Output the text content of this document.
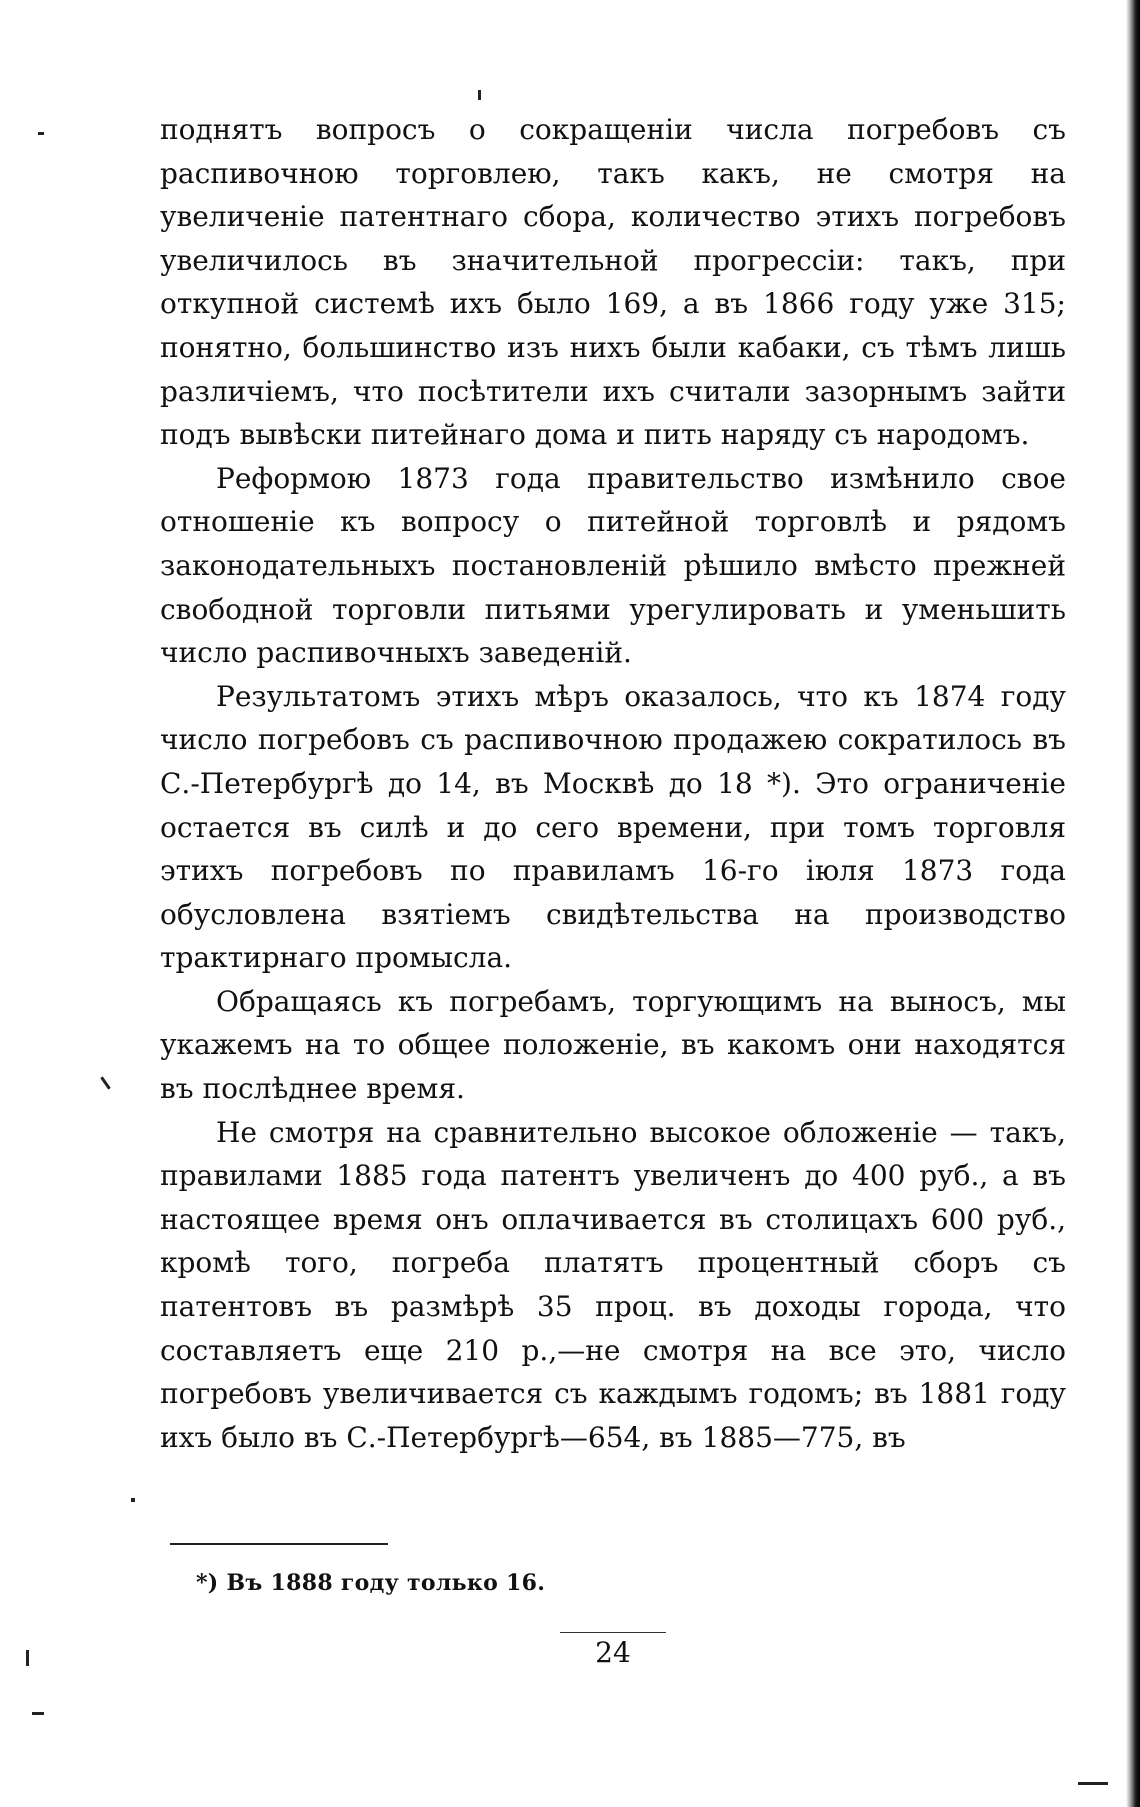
поднятъ вопросъ о сокращеніи числа погребовъ съ распивочною торговлею, такъ какъ, не смотря на увеличеніе патентнаго сбора, количество этихъ погребовъ увеличилось въ значительной прогрессіи: такъ, при откупной системѣ ихъ было 169, а въ 1866 году уже 315; понятно, большинство изъ нихъ были кабаки, съ тѣмъ лишь различіемъ, что посѣтители ихъ считали зазорнымъ зайти подъ вывѣски питейнаго дома и пить наряду съ народомъ.

Реформою 1873 года правительство измѣнило свое отношеніе къ вопросу о питейной торговлѣ и рядомъ законодательныхъ постановленій рѣшило вмѣсто прежней свободной торговли питьями урегулировать и уменьшить число распивочныхъ заведеній.

Результатомъ этихъ мѣръ оказалось, что къ 1874 году число погребовъ съ распивочною продажею сократилось въ С.-Петербургѣ до 14, въ Москвѣ до 18 *). Это ограниченіе остается въ силѣ и до сего времени, при томъ торговля этихъ погребовъ по правиламъ 16-го іюля 1873 года обусловлена взятіемъ свидѣтельства на производство трактирнаго промысла.

Обращаясь къ погребамъ, торгующимъ на выносъ, мы укажемъ на то общее положеніе, въ какомъ они находятся въ послѣднее время.

Не смотря на сравнительно высокое обложеніе — такъ, правилами 1885 года патентъ увеличенъ до 400 руб., а въ настоящее время онъ оплачивается въ столицахъ 600 руб., кромѣ того, погреба платятъ процентный сборъ съ патентовъ въ размѣрѣ 35 проц. въ доходы города, что составляетъ еще 210 р.,—не смотря на все это, число погребовъ увеличивается съ каждымъ годомъ; въ 1881 году ихъ было въ С.-Петербургѣ—654, въ 1885—775, въ

*) Въ 1888 году только 16.

24
